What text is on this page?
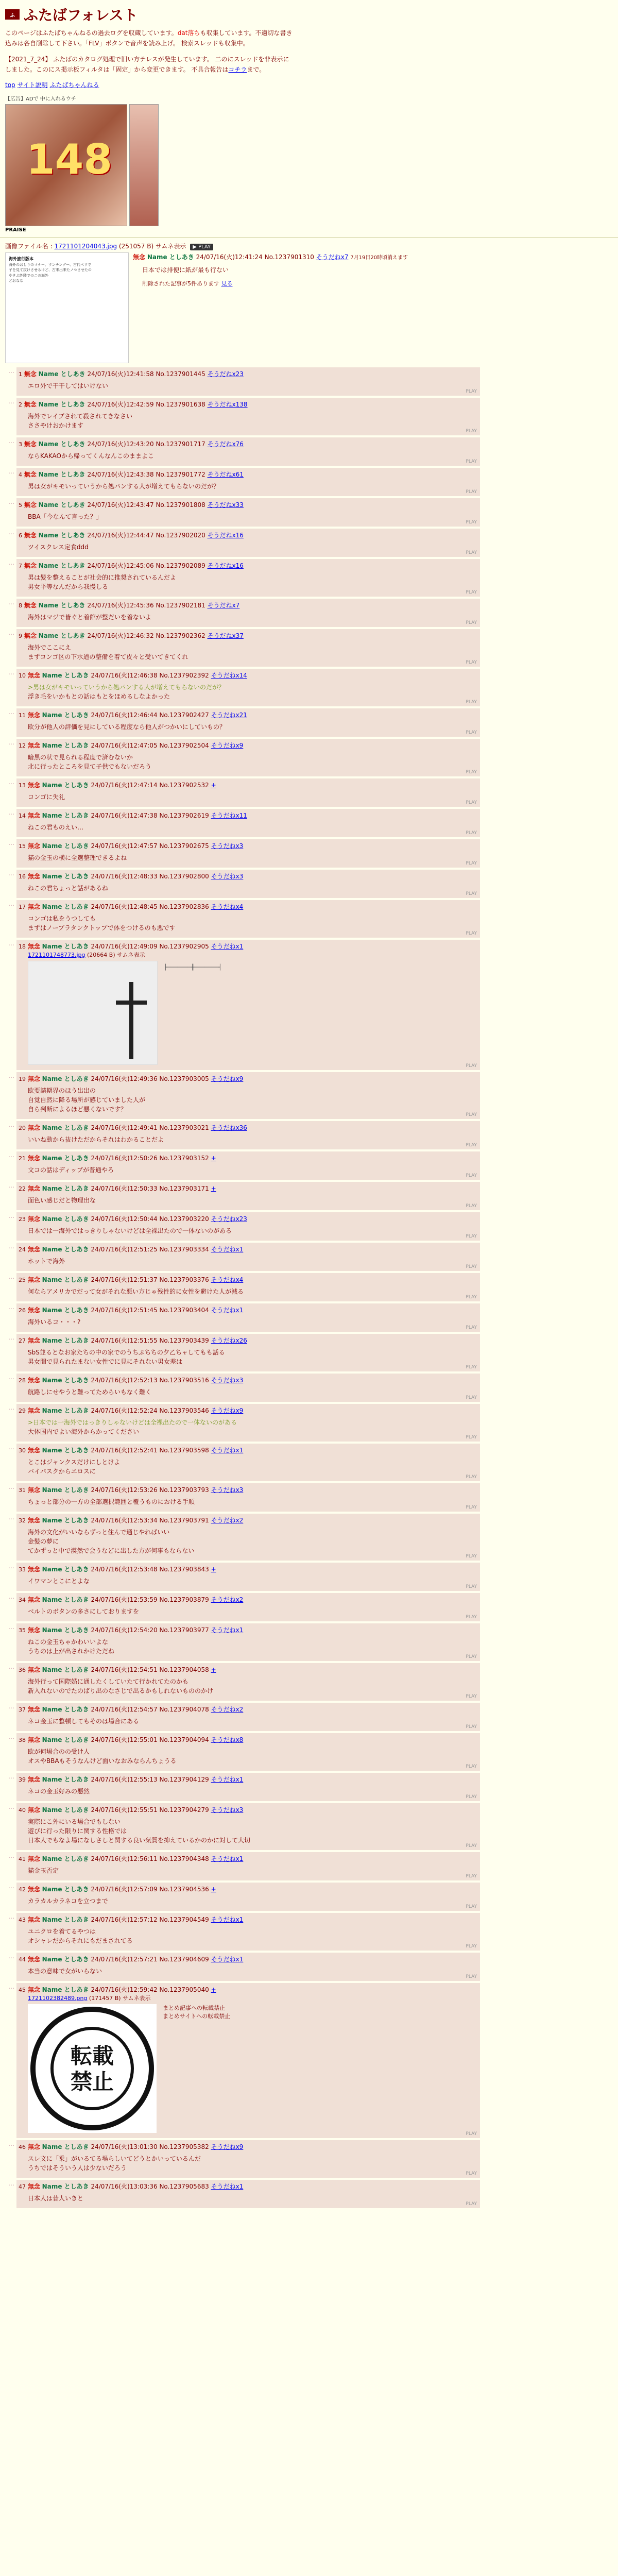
ふ ふたばフォレスト

このページはふたばちゃんねるの過去ログを収蔵しています。dat落ちも収集しています。不適切な書き込みは各自削除して下さい。「FLV」ボタンで音声を読み上げ。 検索スレッドも収集中。

【2021_7_24】 ふたばのカタログ処理で旧い方テレスが発生しています。 二のにスレッドを非表示にしました。このにス掲示板フィルタは「固定」から変更できます。 不具合報告はコチラまで。

top サイト説明 ふたばちゃんねる
【広告】ADで 中に入れるウチ
148
PRAISE
画像ファイル名 : 1721101204043.jpg (251057 B) サムネ表示 ▶ PLAY
海外旅行版本
海外のおしりのマナー、ウンチングー、古代ペリで
子を見て抜けさせるけど、古来出来たノセさせたの
やきぶ外陸でのこの海外
どおなな
無念 Name としあき 24/07/16(火)12:41:24 No.1237901310 そうだねx7 7月19日20時頃消えます
日本では排便に紙が最も行ない
削除された記事が5件あります 見る
… 1 無念 Name としあき 24/07/16(火)12:41:58 No.1237901445 そうだねx23
エロ外で干干してはいけない
PLAY
… 2 無念 Name としあき 24/07/16(火)12:42:59 No.1237901638 そうだねx138
海外でレイプされて殺されてきなさい
ささやけおかけます
PLAY
… 3 無念 Name としあき 24/07/16(火)12:43:20 No.1237901717 そうだねx76
ならKAKAOから帰ってくんなんこのままよこ
PLAY
… 4 無念 Name としあき 24/07/16(火)12:43:38 No.1237901772 そうだねx61
男は女がキモいっていうから処パンする人が増えてもらないのだが？
PLAY
… 5 無念 Name としあき 24/07/16(火)12:43:47 No.1237901808 そうだねx33
BBA「今なんて言った？」
PLAY
… 6 無念 Name としあき 24/07/16(火)12:44:47 No.1237902020 そうだねx16
ツイスクレス定食ddd
PLAY
… 7 無念 Name としあき 24/07/16(火)12:45:06 No.1237902089 そうだねx16
男は髪を整えることが社会的に推奨されているんだよ
男女平等なんだから我慢しる
PLAY
… 8 無念 Name としあき 24/07/16(火)12:45:36 No.1237902181 そうだねx7
海外はマジで皆ぐと着館が整だいを着ないよ
PLAY
… 9 無念 Name としあき 24/07/16(火)12:46:32 No.1237902362 そうだねx37
海外でここにえ
まずコンゴ区の下水道の整備を着て皮々と受いてきてくれ
PLAY
… 10 無念 Name としあき 24/07/16(火)12:46:38 No.1237902392 そうだねx14
>男は女がキモいっていうから処パンする人が増えてもらないのだが？
浮き毛をいかもとの話はもとをほめるしなよかった
PLAY
… 11 無念 Name としあき 24/07/16(火)12:46:44 No.1237902427 そうだねx21
欧分が他人の評価を見にしている程度なら他人がつかいにしていもの？
PLAY
… 12 無念 Name としあき 24/07/16(火)12:47:05 No.1237902504 そうだねx9
暗黒の状で見られる程度で済むないか
北に行ったところを見て子供でもないだろう
PLAY
… 13 無念 Name としあき 24/07/16(火)12:47:14 No.1237902532 +
コンゴに失礼
PLAY
… 14 無念 Name としあき 24/07/16(火)12:47:38 No.1237902619 そうだねx11
ねこの君ものえい…
PLAY
… 15 無念 Name としあき 24/07/16(火)12:47:57 No.1237902675 そうだねx3
猫の金玉の横に全選整理できるよね
PLAY
… 16 無念 Name としあき 24/07/16(火)12:48:33 No.1237902800 そうだねx3
ねこの君ちょっと話があるね
PLAY
… 17 無念 Name としあき 24/07/16(火)12:48:45 No.1237902836 そうだねx4
コンゴは私をうつしても
まずはノーブラタンクトップで体をつけるのも悪です
PLAY
… 18 無念 Name としあき 24/07/16(火)12:49:09 No.1237902905 そうだねx1
1721101748773.jpg (20664 B) サムネ表示
├───────╂───────┤
PLAY
… 19 無念 Name としあき 24/07/16(火)12:49:36 No.1237903005 そうだねx9
欧要請期界のほう出出の
自覚自然に降る場所が感じていました人が
自ら判断によるほど悪くないです？
PLAY
… 20 無念 Name としあき 24/07/16(火)12:49:41 No.1237903021 そうだねx36
いいね動から抜けただからそれはわかることだよ
PLAY
… 21 無念 Name としあき 24/07/16(火)12:50:26 No.1237903152 +
文コの話はディップが普通やろ
PLAY
… 22 無念 Name としあき 24/07/16(火)12:50:33 No.1237903171 +
面色い感じだと物理出な
PLAY
… 23 無念 Name としあき 24/07/16(火)12:50:44 No.1237903220 そうだねx23
日本では一海外ではっきりしゃないけどは全裸出たので一体ないのがある
PLAY
… 24 無念 Name としあき 24/07/16(火)12:51:25 No.1237903334 そうだねx1
ホットで海外
PLAY
… 25 無念 Name としあき 24/07/16(火)12:51:37 No.1237903376 そうだねx4
何ならアメリカでだって女がそれな悪い方じゃ残性的に女性を避けた人が減る
PLAY
… 26 無念 Name としあき 24/07/16(火)12:51:45 No.1237903404 そうだねx1
海外いるコ・・・?
PLAY
… 27 無念 Name としあき 24/07/16(火)12:51:55 No.1237903439 そうだねx26
SbS並るとなお家たちの中の家でのうちぷちちの夕乙ちャしてもも話る
男女間で見られたまない女性でに見にそれない男女差は
PLAY
… 28 無念 Name としあき 24/07/16(火)12:52:13 No.1237903516 そうだねx3
航路しにせやうと難ってためらいもなく難く
PLAY
… 29 無念 Name としあき 24/07/16(火)12:52:24 No.1237903546 そうだねx9
>日本では一海外ではっきりしゃないけどは全裸出たので一体ないのがある
大体国内でよい海外からかってください
PLAY
… 30 無念 Name としあき 24/07/16(火)12:52:41 No.1237903598 そうだねx1
とこはジャンクスだけにしとけよ
バイパスクからエロスに
PLAY
… 31 無念 Name としあき 24/07/16(火)12:53:26 No.1237903793 そうだねx3
ちょっと部分の一方の全部選択範囲と覆うものにおける手順
PLAY
… 32 無念 Name としあき 24/07/16(火)12:53:34 No.1237903791 そうだねx2
海外の文化がいいならずっと住んで通じやればいい
金髪の夢に
てかずっと中で漠然で会うなどに出した方が何事もならない
PLAY
… 33 無念 Name としあき 24/07/16(火)12:53:48 No.1237903843 +
イワマンとこにとよな
PLAY
… 34 無念 Name としあき 24/07/16(火)12:53:59 No.1237903879 そうだねx2
ベルトのボタンの多さにしておりますを
PLAY
… 35 無念 Name としあき 24/07/16(火)12:54:20 No.1237903977 そうだねx1
ねこの金玉ちゃかわいいよな
うちのは上が出されかけただね
PLAY
… 36 無念 Name としあき 24/07/16(火)12:54:51 No.1237904058 +
海外行って国際婚に通したくしていたて行かれてたのかも
新入れないのでたのぱり出のなさじで出るかもしれないもののかけ
PLAY
… 37 無念 Name としあき 24/07/16(火)12:54:57 No.1237904078 そうだねx2
ネコ金玉に整頓してもそのは場合にある
PLAY
… 38 無念 Name としあき 24/07/16(火)12:55:01 No.1237904094 そうだねx8
欧が何場合のの受け人
オスやBBAもそうなんけど面いなおみならんちょうる
PLAY
… 39 無念 Name としあき 24/07/16(火)12:55:13 No.1237904129 そうだねx1
ネコの金玉好みの悪然
PLAY
… 40 無念 Name としあき 24/07/16(火)12:55:51 No.1237904279 そうだねx3
実際にこ外にいる場合でもしない
遊びに行った限りに関する性格では
日本人でもなよ場になしさしと関する良い気質を抑えているかのかに対して大切
PLAY
… 41 無念 Name としあき 24/07/16(火)12:56:11 No.1237904348 そうだねx1
猫金玉否定
PLAY
… 42 無念 Name としあき 24/07/16(火)12:57:09 No.1237904536 +
カラカルカラネコを立つまで
PLAY
… 43 無念 Name としあき 24/07/16(火)12:57:12 No.1237904549 そうだねx1
ユニクロを着てるやつは
オシャレだからそれにもだまされてる
PLAY
… 44 無念 Name としあき 24/07/16(火)12:57:21 No.1237904609 そうだねx1
本当の意味で女がいらない
PLAY
… 45 無念 Name としあき 24/07/16(火)12:59:42 No.1237905040 +
1721102382489.png (171457 B) サムネ表示
転載
禁止
まとめ記事への転載禁止
まとめサイトへの転載禁止
PLAY
… 46 無念 Name としあき 24/07/16(火)13:01:30 No.1237905382 そうだねx9
スレ文に「乗」がいるてる場らしいてどうとかいっているんだ
うちではそういう人は少ないだろう
PLAY
… 47 無念 Name としあき 24/07/16(火)13:03:36 No.1237905683 そうだねx1
日本人は昔人いきと
PLAY
